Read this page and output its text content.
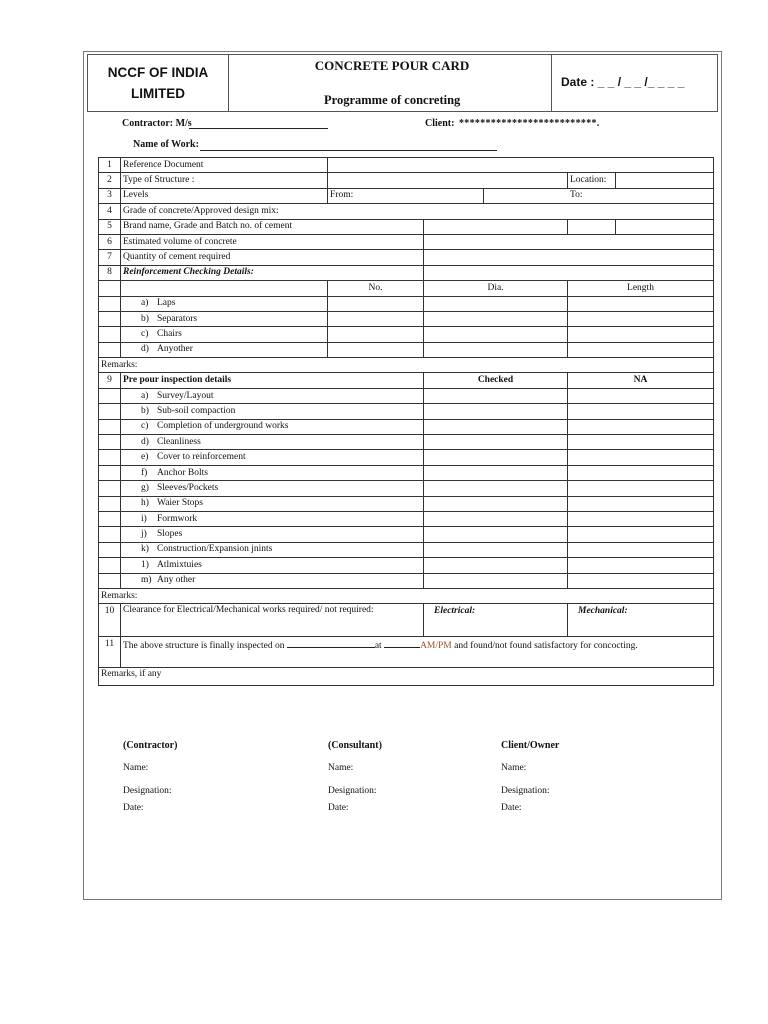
NCCF OF INDIA
LIMITED
CONCRETE POUR CARD
Programme of concreting
Date : _ _ / _ _ /_ _ _ _
Contractor: M/s	Client: **************************.
Name of Work:
1	Reference Document					
2	Type of Structure :				Location:	
3	Levels	From:		To:		
4	Grade of concrete/Approved design mix:					
5	Brand name, Grade and Batch no. of cement					
6	Estimated volume of concrete					
7	Quantity of cement required					
8	Reinforcement Checking Details:					
		No.	Dia.		Length	
	a) Laps					
	b) Separators					
	c) Chairs					
	d) Anyother					
Remarks:						
9	Pre pour inspection details		Checked		NA	
	a) Survey/Layout					
	b) Sub-soil compaction					
	c) Completion of underground works					
	d) Cleanliness					
	e) Cover to reinforcement					
	f) Anchor Bolts					
	g) Sleeves/Pockets					
	h) Waier Stops					
	i) Formwork					
	j) Slopes					
	k) Construction/Expansion jnints					
	1) Atlmixtuies					
	m) Any other					
Remarks:						
10	Clearance for Electrical/Mechanical works required/ not required:		Electrical:		Mechanical:	
11	The above structure is finally inspected on at AM/PM and found/not found satisfactory for concocting.					
Remarks, if any						
(Contractor)
Name:
Designation:
Date:
(Consultant)
Name:
Designation:
Date:
Client/Owner
Name:
Designation:
Date:
